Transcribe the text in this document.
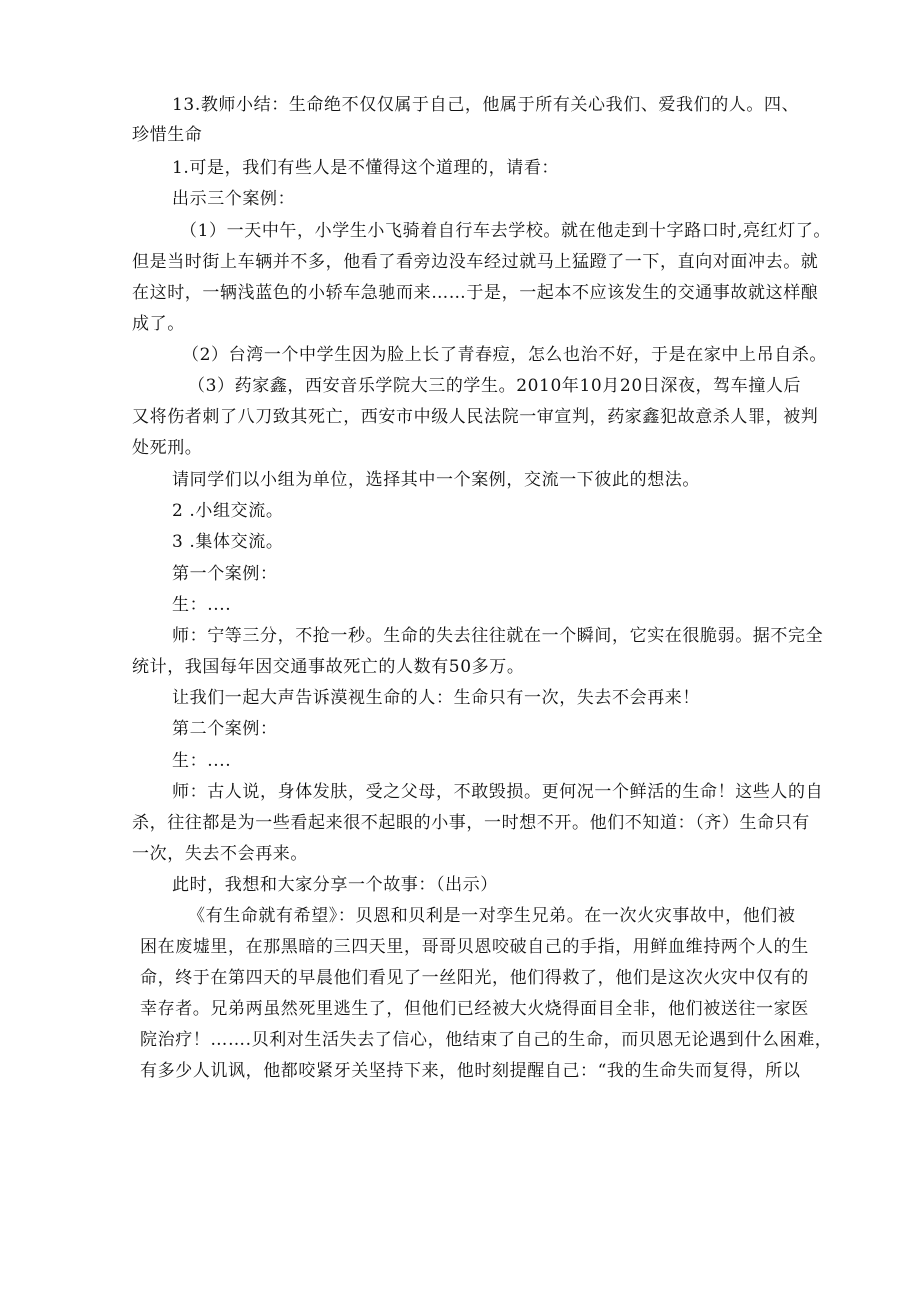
13.教师小结：生命绝不仅仅属于自己，他属于所有关心我们、爱我们的人。四、
珍惜生命
1.可是，我们有些人是不懂得这个道理的，请看：
出示三个案例：
（1）一天中午，小学生小飞骑着自行车去学校。就在他走到十字路口时,亮红灯了。
但是当时街上车辆并不多，他看了看旁边没车经过就马上猛蹬了一下，直向对面冲去。就
在这时，一辆浅蓝色的小轿车急驰而来……于是，一起本不应该发生的交通事故就这样酿
成了。
（2）台湾一个中学生因为脸上长了青春痘，怎么也治不好，于是在家中上吊自杀。
（3）药家鑫，西安音乐学院大三的学生。2010年10月20日深夜，驾车撞人后
又将伤者刺了八刀致其死亡，西安市中级人民法院一审宣判，药家鑫犯故意杀人罪，被判
处死刑。
请同学们以小组为单位，选择其中一个案例，交流一下彼此的想法。
2 .小组交流。
3 .集体交流。
第一个案例：
生：....
师：宁等三分，不抢一秒。生命的失去往往就在一个瞬间，它实在很脆弱。据不完全
统计，我国每年因交通事故死亡的人数有50多万。
让我们一起大声告诉漠视生命的人：生命只有一次，失去不会再来！
第二个案例：
生：....
师：古人说，身体发肤，受之父母，不敢毁损。更何况一个鲜活的生命！这些人的自
杀，往往都是为一些看起来很不起眼的小事，一时想不开。他们不知道：（齐）生命只有
一次，失去不会再来。
此时，我想和大家分享一个故事：（出示）
《有生命就有希望》：贝恩和贝利是一对孪生兄弟。在一次火灾事故中，他们被
困在废墟里，在那黑暗的三四天里，哥哥贝恩咬破自己的手指，用鲜血维持两个人的生
命，终于在第四天的早晨他们看见了一丝阳光，他们得救了，他们是这次火灾中仅有的
幸存者。兄弟两虽然死里逃生了，但他们已经被大火烧得面目全非，他们被送往一家医
院治疗！…….贝利对生活失去了信心，他结束了自己的生命，而贝恩无论遇到什么困难，
有多少人讥讽，他都咬紧牙关坚持下来，他时刻提醒自己：“我的生命失而复得，所以
